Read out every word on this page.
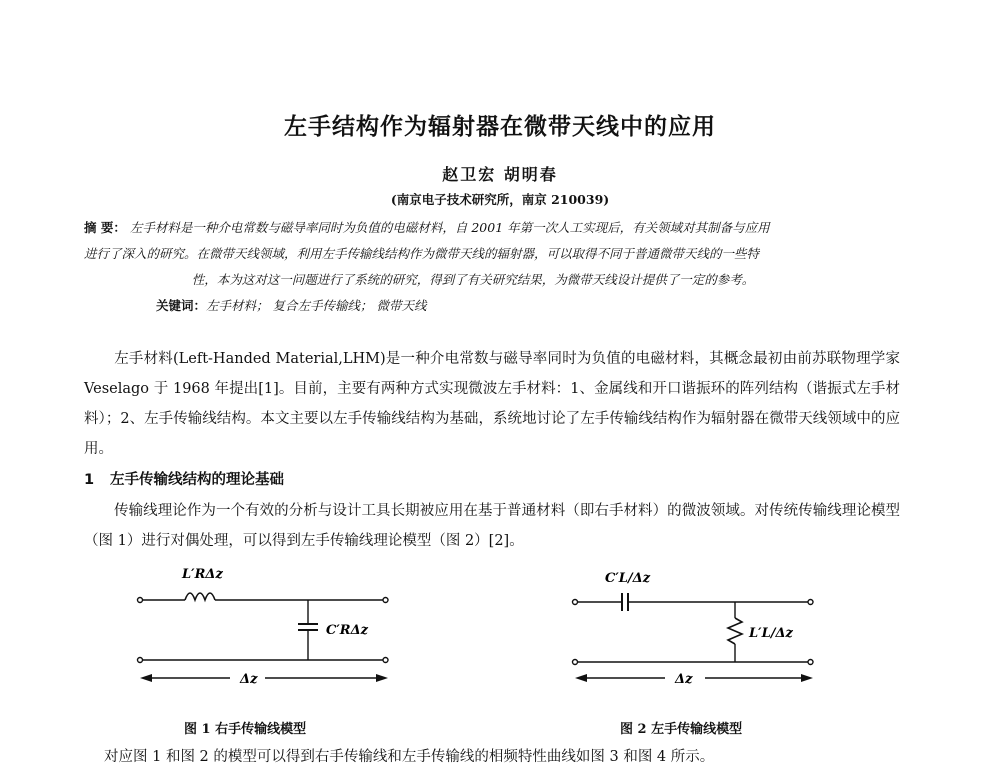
左手结构作为辐射器在微带天线中的应用
赵卫宏 胡明春
(南京电子技术研究所，南京 210039)
摘 要： 左手材料是一种介电常数与磁导率同时为负值的电磁材料，自 2001 年第一次人工实现后，有关领域对其制备与应用
进行了深入的研究。在微带天线领域，利用左手传输线结构作为微带天线的辐射器，可以取得不同于普通微带天线的一些特
性，本为这对这一问题进行了系统的研究，得到了有关研究结果，为微带天线设计提供了一定的参考。
关键词：左手材料； 复合左手传输线； 微带天线
左手材料(Left-Handed Material,LHM)是一种介电常数与磁导率同时为负值的电磁材料，其概念最初由前苏联物理学家 Veselago 于 1968 年提出[1]。目前，主要有两种方式实现微波左手材料：1、金属线和开口谐振环的阵列结构（谐振式左手材料）；2、左手传输线结构。本文主要以左手传输线结构为基础，系统地讨论了左手传输线结构作为辐射器在微带天线领域中的应用。
1 左手传输线结构的理论基础
传输线理论作为一个有效的分析与设计工具长期被应用在基于普通材料（即右手材料）的微波领域。对传统传输线理论模型（图 1）进行对偶处理，可以得到左手传输线理论模型（图 2）[2]。
L′RΔz
C′RΔz
Δz
C′L/Δz
L′L/Δz
Δz
图 1 右手传输线模型	图 2 左手传输线模型
对应图 1 和图 2 的模型可以得到右手传输线和左手传输线的相频特性曲线如图 3 和图 4 所示。
